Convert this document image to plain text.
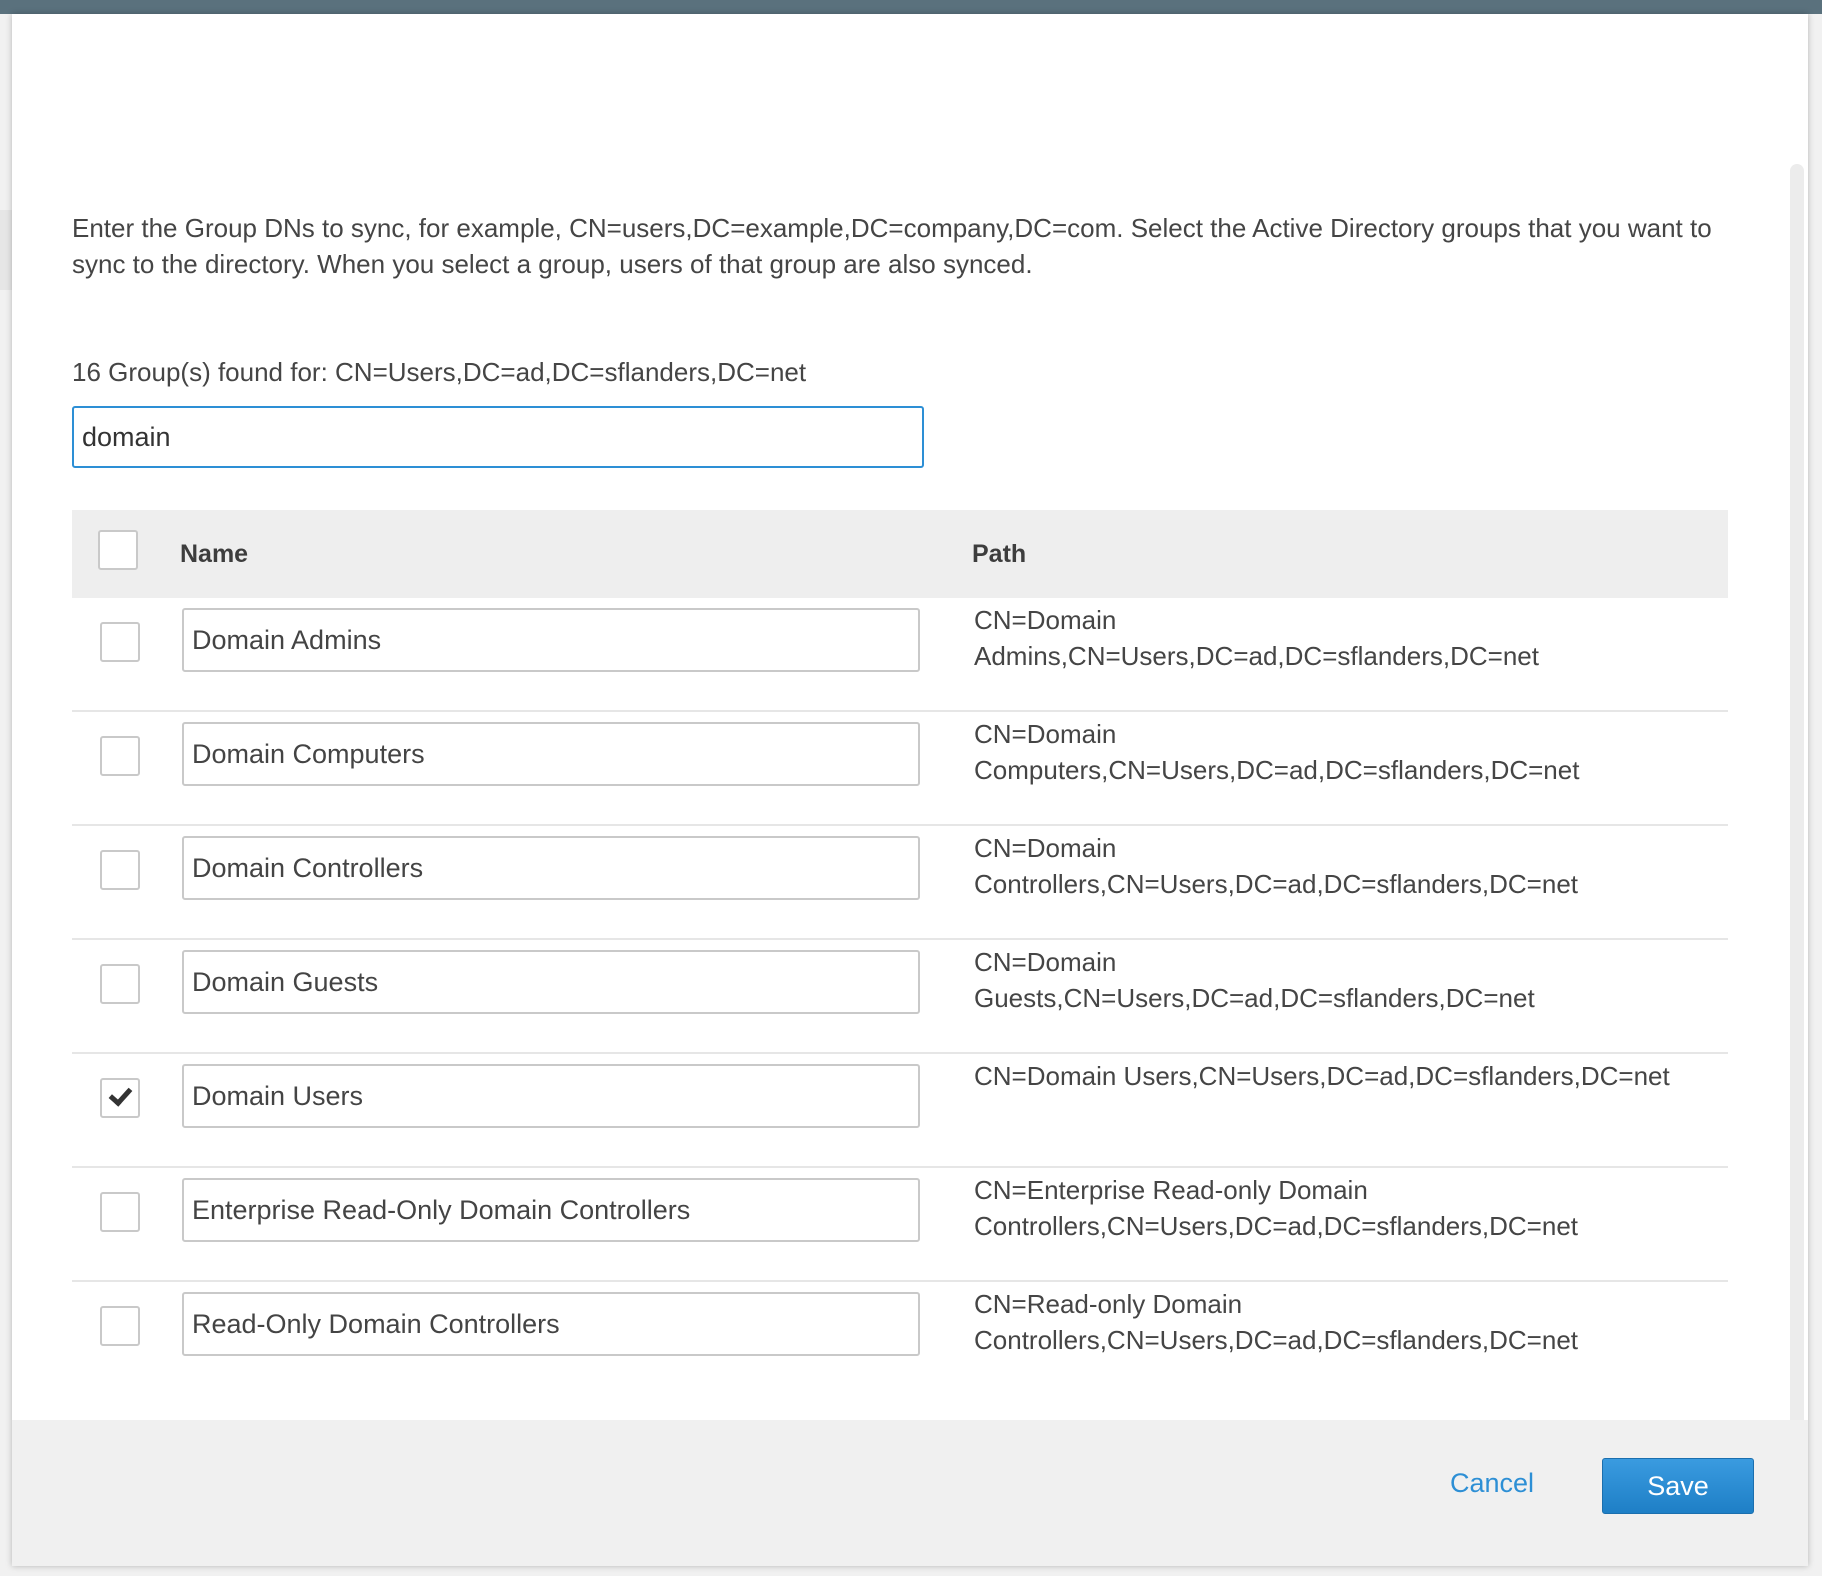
Enter the Group DNs to sync, for example, CN=users,DC=example,DC=company,DC=com. Select the Active Directory groups that you want to sync to the directory. When you select a group, users of that group are also synced.

16 Group(s) found for: CN=Users,DC=ad,DC=sflanders,DC=net
domain
Name	Path
Domain Admins
CN=Domain Admins,CN=Users,DC=ad,DC=sflanders,DC=net
Domain Computers
CN=Domain Computers,CN=Users,DC=ad,DC=sflanders,DC=net
Domain Controllers
CN=Domain Controllers,CN=Users,DC=ad,DC=sflanders,DC=net
Domain Guests
CN=Domain Guests,CN=Users,DC=ad,DC=sflanders,DC=net
Domain Users
CN=Domain Users,CN=Users,DC=ad,DC=sflanders,DC=net
Enterprise Read-Only Domain Controllers
CN=Enterprise Read-only Domain Controllers,CN=Users,DC=ad,DC=sflanders,DC=net
Read-Only Domain Controllers
CN=Read-only Domain Controllers,CN=Users,DC=ad,DC=sflanders,DC=net
Cancel	Save
